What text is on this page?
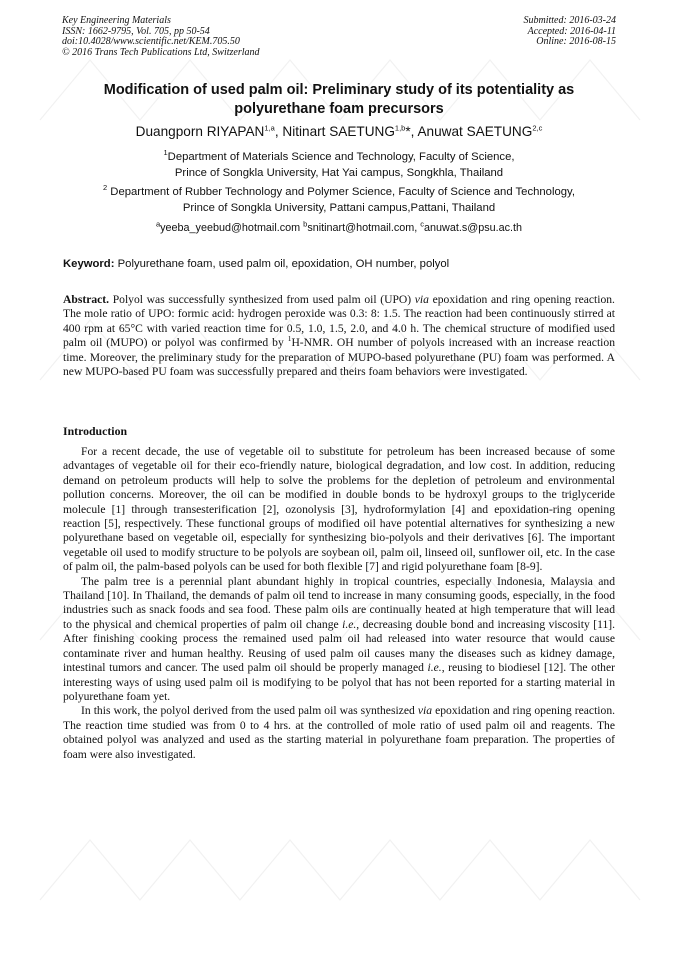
Key Engineering Materials
ISSN: 1662-9795, Vol. 705, pp 50-54
doi:10.4028/www.scientific.net/KEM.705.50
© 2016 Trans Tech Publications Ltd, Switzerland
Submitted: 2016-03-24
Accepted: 2016-04-11
Online: 2016-08-15
Modification of used palm oil: Preliminary study of its potentiality as
polyurethane foam precursors
Duangporn RIYAPAN$^{1,a}$, Nitinart SAETUNG$^{1,b}$*, Anuwat SAETUNG$^{2,c}$
$^1$Department of Materials Science and Technology, Faculty of Science,
Prince of Songkla University, Hat Yai campus, Songkhla, Thailand
$^2$ Department of Rubber Technology and Polymer Science, Faculty of Science and Technology,
Prince of Songkla University, Pattani campus,Pattani, Thailand
$^a$yeeba_yeebud@hotmail.com $^b$snitinart@hotmail.com, $^c$anuwat.s@psu.ac.th
Keyword: Polyurethane foam, used palm oil, epoxidation, OH number, polyol

Abstract. Polyol was successfully synthesized from used palm oil (UPO) via epoxidation and ring opening reaction. The mole ratio of UPO: formic acid: hydrogen peroxide was 0.3: 8: 1.5. The reaction had been continuously stirred at 400 rpm at 65°C with varied reaction time for 0.5, 1.0, 1.5, 2.0, and 4.0 h. The chemical structure of modified used palm oil (MUPO) or polyol was confirmed by $^1$H-NMR. OH number of polyols increased with an increase reaction time. Moreover, the preliminary study for the preparation of MUPO-based polyurethane (PU) foam was performed. A new MUPO-based PU foam was successfully prepared and theirs foam behaviors were investigated.

Introduction

For a recent decade, the use of vegetable oil to substitute for petroleum has been increased because of some advantages of vegetable oil for their eco-friendly nature, biological degradation, and low cost. In addition, reducing demand on petroleum products will help to solve the problems for the depletion of petroleum and environmental pollution concerns. Moreover, the oil can be modified in double bonds to be hydroxyl groups to the triglyceride molecule [1] through transesterification [2], ozonolysis [3], hydroformylation [4] and epoxidation-ring opening reaction [5], respectively. These functional groups of modified oil have potential alternatives for synthesizing a new polyurethane based on vegetable oil, especially for synthesizing bio-polyols and their derivatives [6]. The important vegetable oil used to modify structure to be polyols are soybean oil, palm oil, linseed oil, sunflower oil, etc. In the case of palm oil, the palm-based polyols can be used for both flexible [7] and rigid polyurethane foam [8-9].

The palm tree is a perennial plant abundant highly in tropical countries, especially Indonesia, Malaysia and Thailand [10]. In Thailand, the demands of palm oil tend to increase in many consuming goods, especially, in the food industries such as snack foods and sea food. These palm oils are continually heated at high temperature that will lead to the physical and chemical properties of palm oil change i.e., decreasing double bond and increasing viscosity [11]. After finishing cooking process the remained used palm oil had released into water resource that would cause contaminate river and human healthy. Reusing of used palm oil causes many the diseases such as kidney damage, intestinal tumors and cancer. The used palm oil should be properly managed i.e., reusing to biodiesel [12]. The other interesting ways of using used palm oil is modifying to be polyol that has not been reported for a starting material in polyurethane foam yet.

In this work, the polyol derived from the used palm oil was synthesized via epoxidation and ring opening reaction. The reaction time studied was from 0 to 4 hrs. at the controlled of mole ratio of used palm oil and reagents. The obtained polyol was analyzed and used as the starting material in polyurethane foam preparation. The properties of foam were also investigated.
